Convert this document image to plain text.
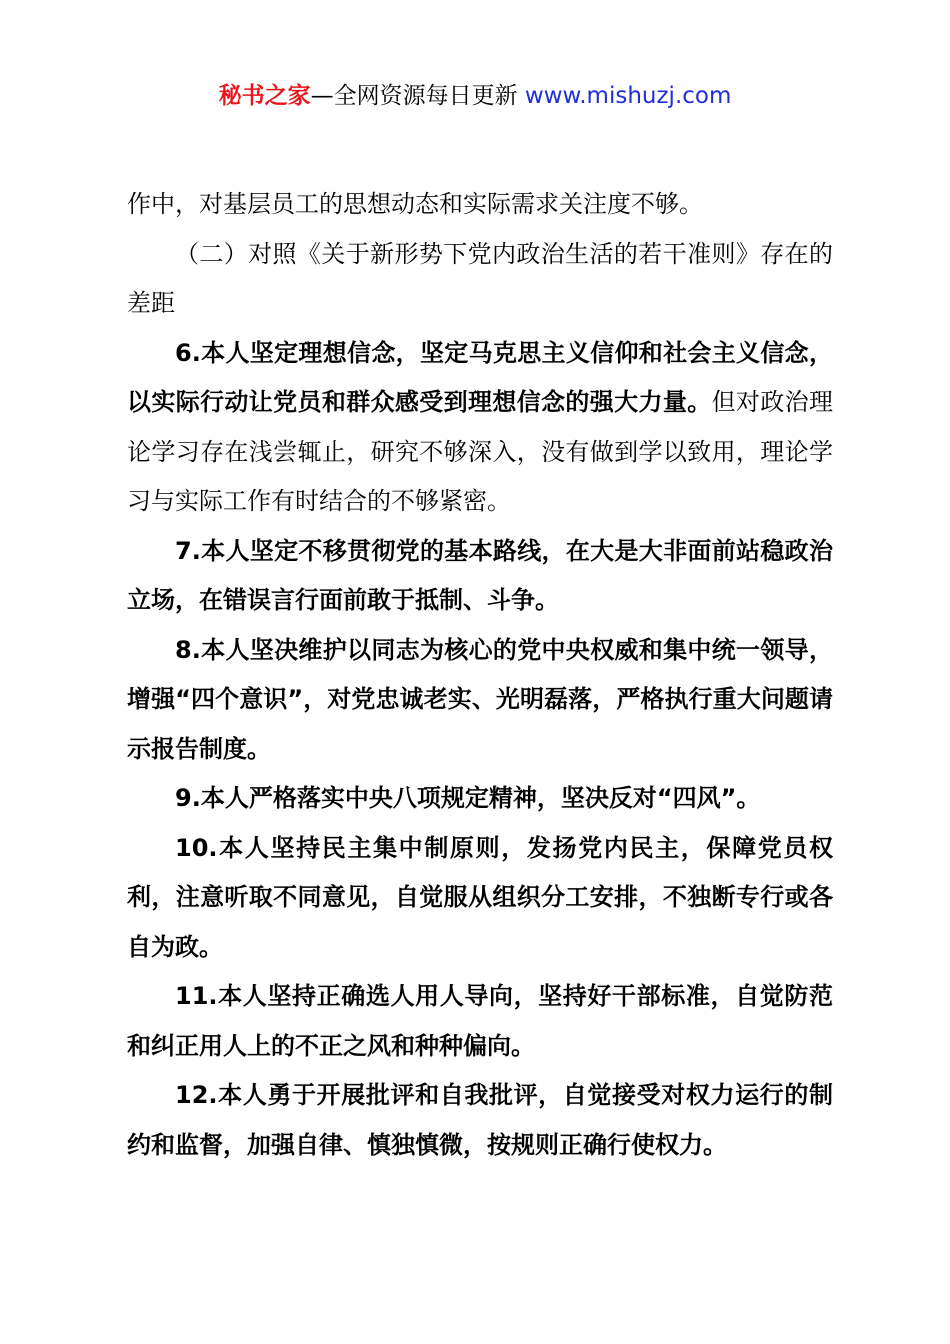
秘书之家—全网资源每日更新 www.mishuzj.com

作中，对基层员工的思想动态和实际需求关注度不够。

（二）对照《关于新形势下党内政治生活的若干准则》存在的差距

6.本人坚定理想信念，坚定马克思主义信仰和社会主义信念，以实际行动让党员和群众感受到理想信念的强大力量。但对政治理论学习存在浅尝辄止，研究不够深入，没有做到学以致用，理论学习与实际工作有时结合的不够紧密。

7.本人坚定不移贯彻党的基本路线，在大是大非面前站稳政治立场，在错误言行面前敢于抵制、斗争。

8.本人坚决维护以同志为核心的党中央权威和集中统一领导，增强“四个意识”，对党忠诚老实、光明磊落，严格执行重大问题请示报告制度。

9.本人严格落实中央八项规定精神，坚决反对“四风”。

10.本人坚持民主集中制原则，发扬党内民主，保障党员权利，注意听取不同意见，自觉服从组织分工安排，不独断专行或各自为政。

11.本人坚持正确选人用人导向，坚持好干部标准，自觉防范和纠正用人上的不正之风和种种偏向。

12.本人勇于开展批评和自我批评，自觉接受对权力运行的制约和监督，加强自律、慎独慎微，按规则正确行使权力。
